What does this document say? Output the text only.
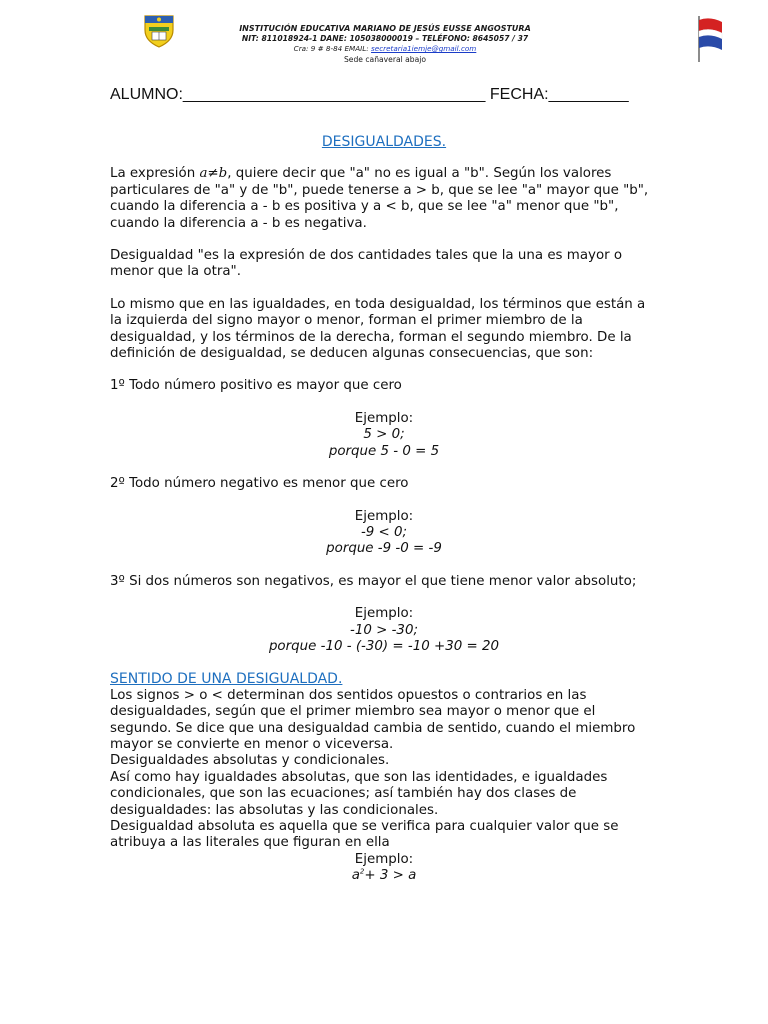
INSTITUCIÓN EDUCATIVA MARIANO DE JESÚS EUSSE ANGOSTURA
NIT: 811018924-1 DANE: 105038000019 – TELÉFONO: 8645057 / 37
Cra: 9 # 8-84 EMAIL: secretaria1iemje@gmail.com
Sede cañaveral abajo
ALUMNO:__________________________________ FECHA:_________
DESIGUALDADES.

La expresión a≠b, quiere decir que "a" no es igual a "b". Según los valores particulares de "a" y de "b", puede tenerse a > b, que se lee "a" mayor que "b", cuando la diferencia a - b es positiva y a < b, que se lee "a" menor que "b", cuando la diferencia a - b es negativa.

Desigualdad "es la expresión de dos cantidades tales que la una es mayor o menor que la otra".

Lo mismo que en las igualdades, en toda desigualdad, los términos que están a la izquierda del signo mayor o menor, forman el primer miembro de la desigualdad, y los términos de la derecha, forman el segundo miembro. De la definición de desigualdad, se deducen algunas consecuencias, que son:

1º Todo número positivo es mayor que cero

Ejemplo:
5 > 0;
porque 5 - 0 = 5

2º Todo número negativo es menor que cero

Ejemplo:
-9 < 0;
porque -9 -0 = -9

3º Si dos números son negativos, es mayor el que tiene menor valor absoluto;

Ejemplo:
-10 > -30;
porque -10 - (-30) = -10 +30 = 20

SENTIDO DE UNA DESIGUALDAD.
Los signos > o < determinan dos sentidos opuestos o contrarios en las desigualdades, según que el primer miembro sea mayor o menor que el segundo. Se dice que una desigualdad cambia de sentido, cuando el miembro mayor se convierte en menor o viceversa.
Desigualdades absolutas y condicionales.
Así como hay igualdades absolutas, que son las identidades, e igualdades condicionales, que son las ecuaciones; así también hay dos clases de desigualdades: las absolutas y las condicionales.
Desigualdad absoluta es aquella que se verifica para cualquier valor que se atribuya a las literales que figuran en ella
Ejemplo:
$a^2+ 3 > a$
